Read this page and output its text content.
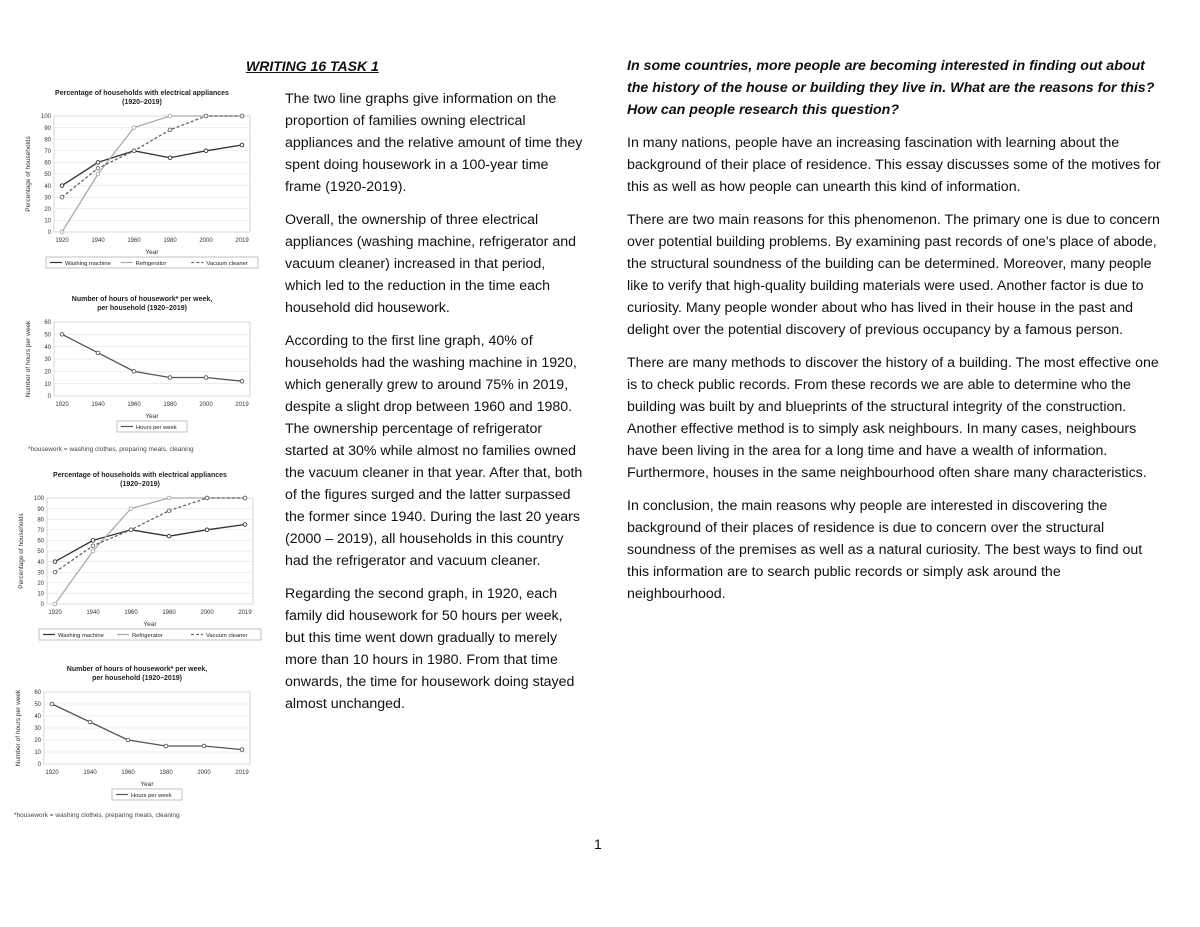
WRITING 16 TASK 1
Percentage of households with electrical appliances
(1920–2019)
0
10
20
30
40
50
60
70
80
90
100
1920	1940	1960	1980	2000	2019
Year
Percentage of households
Washing machine	Refrigerator	Vacuum cleaner
Number of hours of housework* per week,
per household (1920–2019)
0
10
20
30
40
50
60
1920	1940	1960	1980	2000	2019
Year
Number of hours per week
Hours per week
*housework = washing clothes, preparing meals, cleaning
Percentage of households with electrical appliances
(1920–2019)
0
10
20
30
40
50
60
70
80
90
100
1920	1940	1960	1980	2000	2019
Year
Percentage of households
Washing machine	Refrigerator	Vacuum cleaner
Number of hours of housework* per week,
per household (1920–2019)
0
10
20
30
40
50
60
1920	1940	1960	1980	2000	2019
Year
Number of hours per week
Hours per week
*housework = washing clothes, preparing meals, cleaning

The two line graphs give information on the proportion of families owning electrical appliances and the relative amount of time they spent doing housework in a 100-year time frame (1920-2019).

Overall, the ownership of three electrical appliances (washing machine, refrigerator and vacuum cleaner) increased in that period, which led to the reduction in the time each household did housework.

According to the first line graph, 40% of households had the washing machine in 1920, which generally grew to around 75% in 2019, despite a slight drop between 1960 and 1980. The ownership percentage of refrigerator started at 30% while almost no families owned the vacuum cleaner in that year. After that, both of the figures surged and the latter surpassed the former since 1940. During the last 20 years (2000 – 2019), all households in this country had the refrigerator and vacuum cleaner.

Regarding the second graph, in 1920, each family did housework for 50 hours per week, but this time went down gradually to merely more than 10 hours in 1980. From that time onwards, the time for housework doing stayed almost unchanged.

In some countries, more people are becoming interested in finding out about the history of the house or building they live in. What are the reasons for this? How can people research this question?

In many nations, people have an increasing fascination with learning about the background of their place of residence. This essay discusses some of the motives for this as well as how people can unearth this kind of information.

There are two main reasons for this phenomenon. The primary one is due to concern over potential building problems. By examining past records of one’s place of abode, the structural soundness of the building can be determined. Moreover, many people like to verify that high-quality building materials were used. Another factor is due to curiosity. Many people wonder about who has lived in their house in the past and delight over the potential discovery of previous occupancy by a famous person.

There are many methods to discover the history of a building. The most effective one is to check public records. From these records we are able to determine who the building was built by and blueprints of the structural integrity of the construction. Another effective method is to simply ask neighbours. In many cases, neighbours have been living in the area for a long time and have a wealth of information. Furthermore, houses in the same neighbourhood often share many characteristics.

In conclusion, the main reasons why people are interested in discovering the background of their places of residence is due to concern over the structural soundness of the premises as well as a natural curiosity. The best ways to find out this information are to search public records or simply ask around the neighbourhood.

1
